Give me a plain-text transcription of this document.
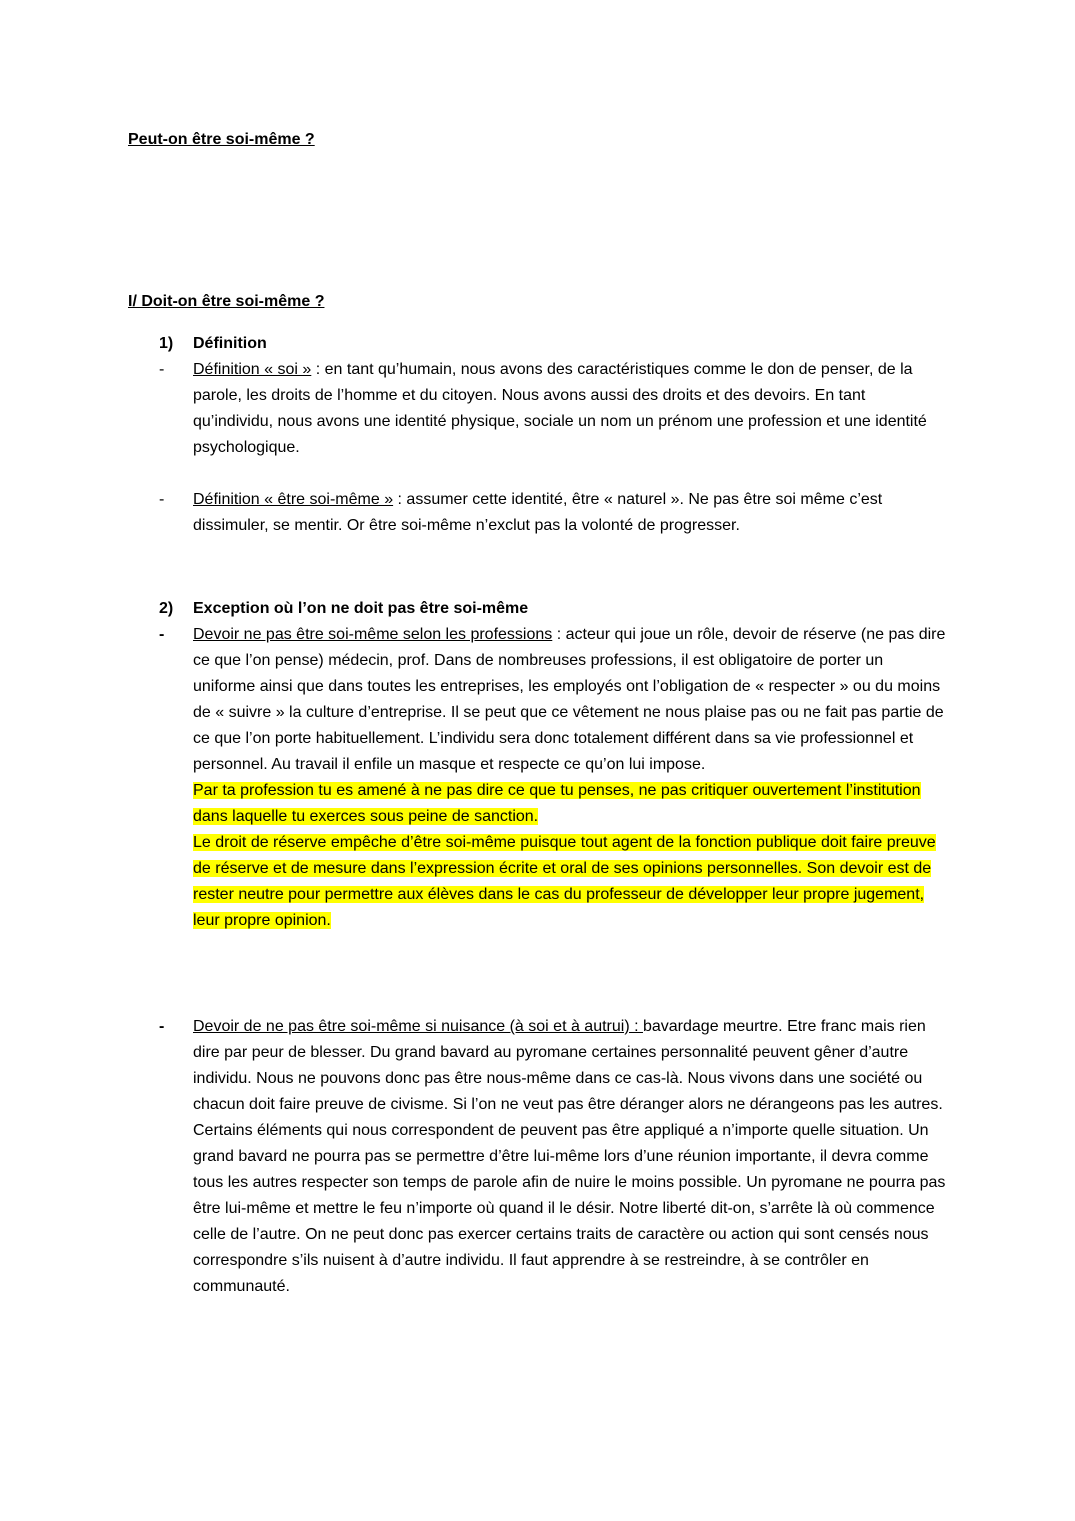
Peut-on être soi-même ?
I/ Doit-on être soi-même ?
1) Définition
- Définition « soi » : en tant qu’humain, nous avons des caractéristiques comme le don de penser, de la parole, les droits de l’homme et du citoyen. Nous avons aussi des droits et des devoirs. En tant qu’individu, nous avons une identité physique, sociale un nom un prénom une profession et une identité psychologique.
- Définition « être soi-même » : assumer cette identité, être « naturel ». Ne pas être soi même c’est dissimuler, se mentir. Or être soi-même n’exclut pas la volonté de progresser.
2) Exception où l’on ne doit pas être soi-même
- Devoir ne pas être soi-même selon les professions : acteur qui joue un rôle, devoir de réserve (ne pas dire ce que l’on pense) médecin, prof. Dans de nombreuses professions, il est obligatoire de porter un uniforme ainsi que dans toutes les entreprises, les employés ont l’obligation de « respecter » ou du moins de « suivre » la culture d’entreprise. Il se peut que ce vêtement ne nous plaise pas ou ne fait pas partie de ce que l’on porte habituellement. L’individu sera donc totalement différent dans sa vie professionnel et personnel. Au travail il enfile un masque et respecte ce qu’on lui impose.
Par ta profession tu es amené à ne pas dire ce que tu penses, ne pas critiquer ouvertement l’institution dans laquelle tu exerces sous peine de sanction.
Le droit de réserve empêche d’être soi-même puisque tout agent de la fonction publique doit faire preuve de réserve et de mesure dans l’expression écrite et oral de ses opinions personnelles. Son devoir est de rester neutre pour permettre aux élèves dans le cas du professeur de développer leur propre jugement, leur propre opinion.
- Devoir de ne pas être soi-même si nuisance (à soi et à autrui) : bavardage meurtre. Etre franc mais rien dire par peur de blesser. Du grand bavard au pyromane certaines personnalité peuvent gêner d’autre individu. Nous ne pouvons donc pas être nous-même dans ce cas-là. Nous vivons dans une société ou chacun doit faire preuve de civisme. Si l’on ne veut pas être déranger alors ne dérangeons pas les autres. Certains éléments qui nous correspondent de peuvent pas être appliqué a n’importe quelle situation. Un grand bavard ne pourra pas se permettre d’être lui-même lors d’une réunion importante, il devra comme tous les autres respecter son temps de parole afin de nuire le moins possible. Un pyromane ne pourra pas être lui-même et mettre le feu n’importe où quand il le désir. Notre liberté dit-on, s’arrête là où commence celle de l’autre. On ne peut donc pas exercer certains traits de caractère ou action qui sont censés nous correspondre s’ils nuisent à d’autre individu. Il faut apprendre à se restreindre, à se contrôler en communauté.
